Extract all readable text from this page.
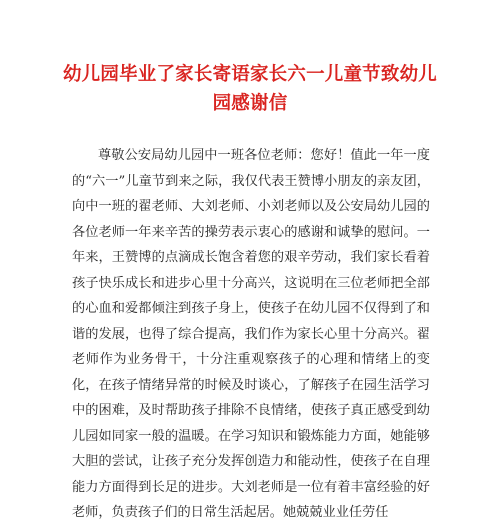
幼儿园毕业了家长寄语家长六一儿童节致幼儿园感谢信

尊敬公安局幼儿园中一班各位老师：您好！值此一年一度的“六一”儿童节到来之际，我仅代表王赞博小朋友的亲友团，向中一班的翟老师、大刘老师、小刘老师以及公安局幼儿园的各位老师一年来辛苦的操劳表示衷心的感谢和诚挚的慰问。一年来，王赞博的点滴成长饱含着您的艰辛劳动，我们家长看着孩子快乐成长和进步心里十分高兴，这说明在三位老师把全部的心血和爱都倾注到孩子身上，使孩子在幼儿园不仅得到了和谐的发展，也得了综合提高，我们作为家长心里十分高兴。翟老师作为业务骨干，十分注重观察孩子的心理和情绪上的变化，在孩子情绪异常的时候及时谈心，了解孩子在园生活学习中的困难，及时帮助孩子排除不良情绪，使孩子真正感受到幼儿园如同家一般的温暖。在学习知识和锻炼能力方面，她能够大胆的尝试，让孩子充分发挥创造力和能动性，使孩子在自理能力方面得到长足的进步。大刘老师是一位有着丰富经验的好老师，负责孩子们的日常生活起居。她兢兢业业任劳任
